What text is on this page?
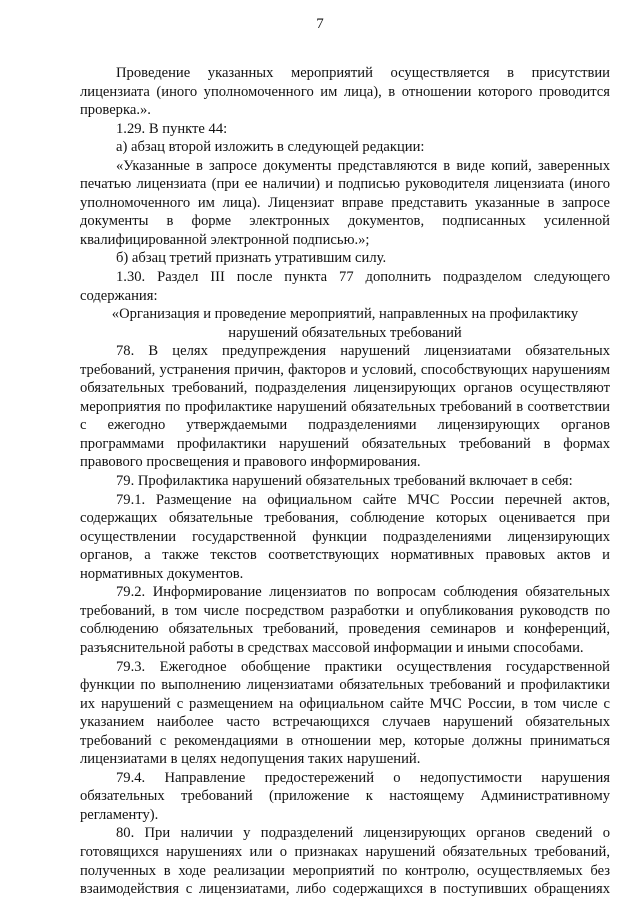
7

Проведение указанных мероприятий осуществляется в присутствии лицензиата (иного уполномоченного им лица), в отношении которого проводится проверка.».

1.29. В пункте 44:

а) абзац второй изложить в следующей редакции:

«Указанные в запросе документы представляются в виде копий, заверенных печатью лицензиата (при ее наличии) и подписью руководителя лицензиата (иного уполномоченного им лица). Лицензиат вправе представить указанные в запросе документы в форме электронных документов, подписанных усиленной квалифицированной электронной подписью.»;

б) абзац третий признать утратившим силу.

1.30. Раздел III после пункта 77 дополнить подразделом следующего содержания:

«Организация и проведение мероприятий, направленных на профилактику нарушений обязательных требований

78. В целях предупреждения нарушений лицензиатами обязательных требований, устранения причин, факторов и условий, способствующих нарушениям обязательных требований, подразделения лицензирующих органов осуществляют мероприятия по профилактике нарушений обязательных требований в соответствии с ежегодно утверждаемыми подразделениями лицензирующих органов программами профилактики нарушений обязательных требований в формах правового просвещения и правового информирования.

79. Профилактика нарушений обязательных требований включает в себя:

79.1. Размещение на официальном сайте МЧС России перечней актов, содержащих обязательные требования, соблюдение которых оценивается при осуществлении государственной функции подразделениями лицензирующих органов, а также текстов соответствующих нормативных правовых актов и нормативных документов.

79.2. Информирование лицензиатов по вопросам соблюдения обязательных требований, в том числе посредством разработки и опубликования руководств по соблюдению обязательных требований, проведения семинаров и конференций, разъяснительной работы в средствах массовой информации и иными способами.

79.3. Ежегодное обобщение практики осуществления государственной функции по выполнению лицензиатами обязательных требований и профилактики их нарушений с размещением на официальном сайте МЧС России, в том числе с указанием наиболее часто встречающихся случаев нарушений обязательных требований с рекомендациями в отношении мер, которые должны приниматься лицензиатами в целях недопущения таких нарушений.

79.4. Направление предостережений о недопустимости нарушения обязательных требований (приложение к настоящему Административному регламенту).

80. При наличии у подразделений лицензирующих органов сведений о готовящихся нарушениях или о признаках нарушений обязательных требований, полученных в ходе реализации мероприятий по контролю, осуществляемых без взаимодействия с лицензиатами, либо содержащихся в поступивших обращениях
